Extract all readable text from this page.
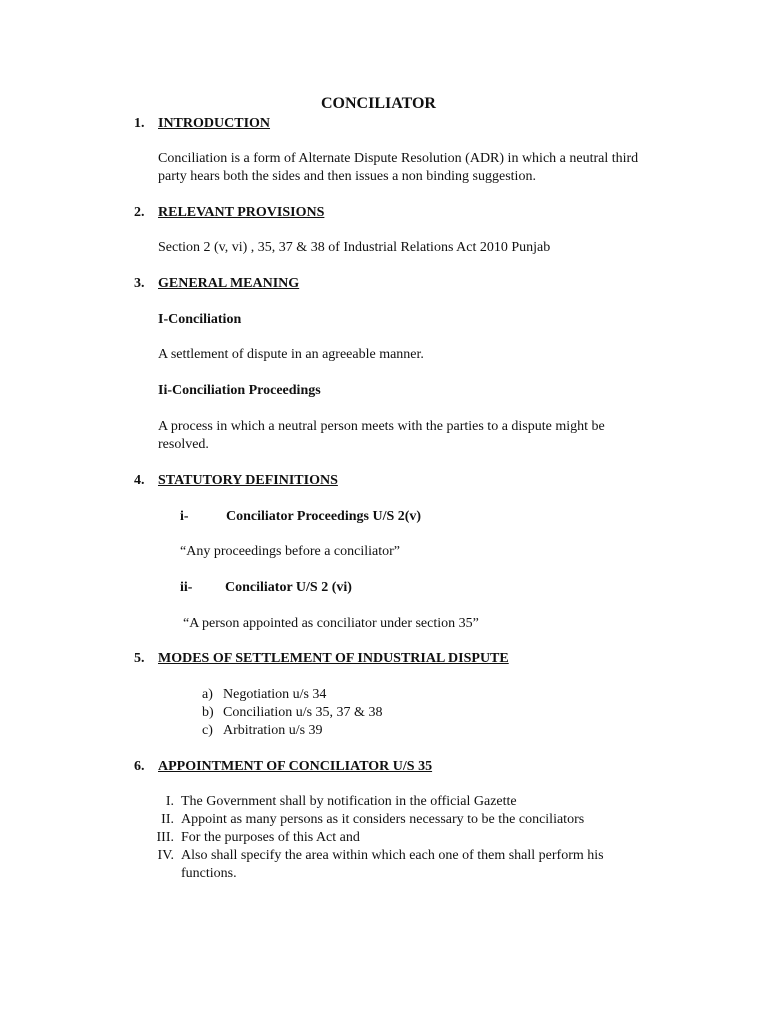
CONCILIATOR
1. INTRODUCTION
Conciliation is a form of Alternate Dispute Resolution (ADR) in which a neutral third party hears both the sides and then issues a non binding suggestion.
2. RELEVANT PROVISIONS
Section 2 (v, vi) , 35, 37 & 38 of Industrial Relations Act 2010 Punjab
3. GENERAL MEANING
I-Conciliation
A settlement of dispute in an agreeable manner.
Ii-Conciliation Proceedings
A process in which a neutral person meets with the parties to a dispute might be resolved.
4. STATUTORY DEFINITIONS
i-	Conciliator Proceedings U/S 2(v)
“Any proceedings before a conciliator”
ii- Conciliator U/S 2 (vi)
“A person appointed as conciliator under section 35”
5. MODES OF SETTLEMENT OF INDUSTRIAL DISPUTE
a) Negotiation u/s 34
b) Conciliation u/s 35, 37 & 38
c) Arbitration u/s 39
6. APPOINTMENT OF CONCILIATOR U/S 35
I. The Government shall by notification in the official Gazette
II. Appoint as many persons as it considers necessary to be the conciliators
III. For the purposes of this Act and
IV. Also shall specify the area within which each one of them shall perform his functions.
